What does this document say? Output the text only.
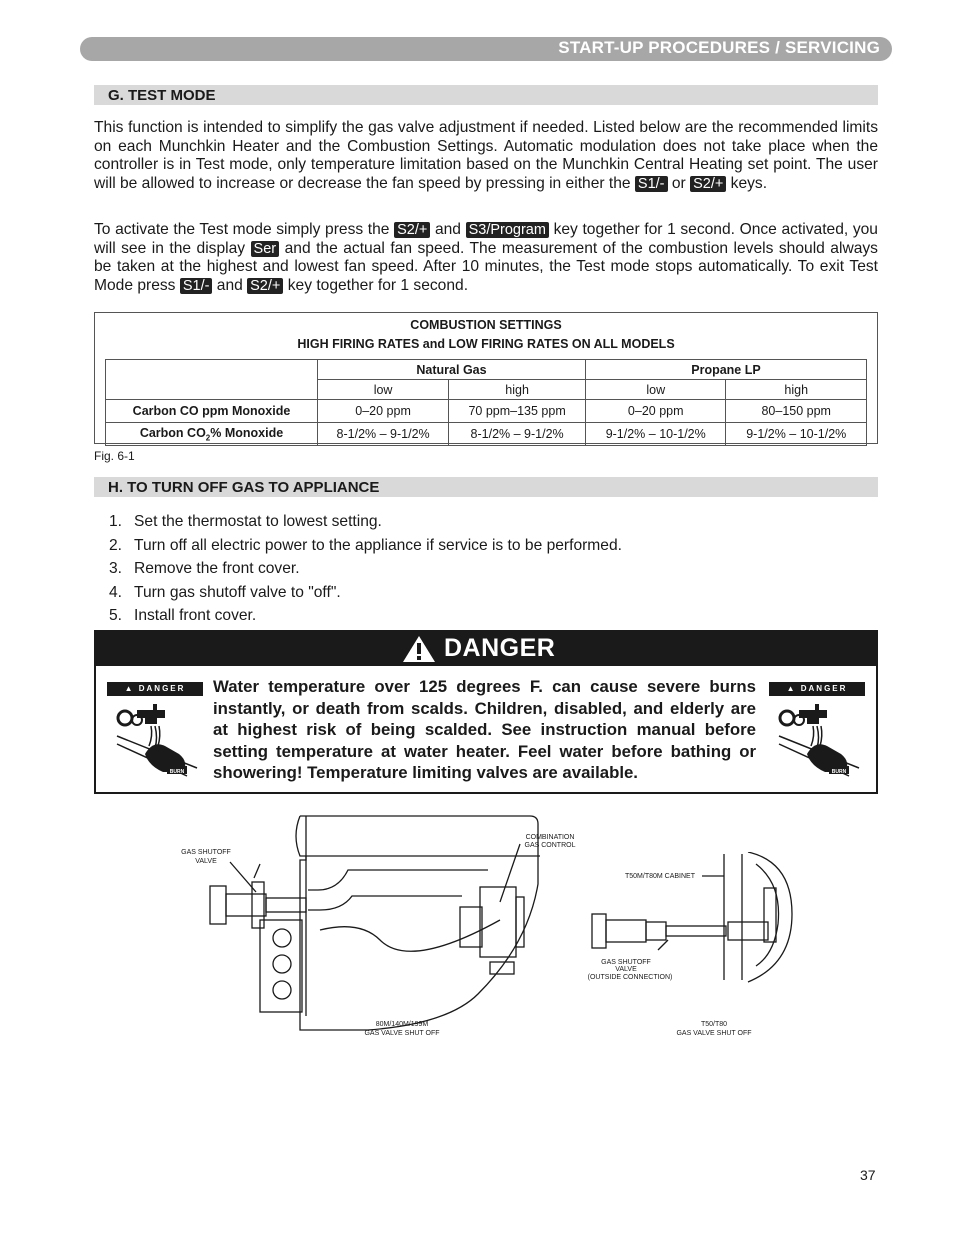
START-UP PROCEDURES / SERVICING
G. TEST MODE
This function is intended to simplify the gas valve adjustment if needed. Listed below are the recommended limits on each Munchkin Heater and the Combustion Settings. Automatic modulation does not take place when the controller is in Test mode, only temperature limitation based on the Munchkin Central Heating set point. The user will be allowed to increase or decrease the fan speed by pressing in either the S1/- or S2/+ keys.
To activate the Test mode simply press the S2/+ and S3/Program key together for 1 second. Once activated, you will see in the display Ser and the actual fan speed. The measurement of the combustion levels should always be taken at the highest and lowest fan speed. After 10 minutes, the Test mode stops automatically. To exit Test Mode press S1/- and S2/+ key together for 1 second.
COMBUSTION SETTINGS
HIGH FIRING RATES and LOW FIRING RATES ON ALL MODELS
	Natural Gas		Propane LP	
	low	high	low	high
Carbon CO ppm Monoxide	0–20 ppm	70 ppm–135 ppm	0–20 ppm	80–150 ppm
Carbon $CO_2\%$ Monoxide	8-1/2% – 9-1/2%	8-1/2% – 9-1/2%	9-1/2% – 10-1/2%	9-1/2% – 10-1/2%
Fig. 6-1
H. TO TURN OFF GAS TO APPLIANCE
1. Set the thermostat to lowest setting.
2. Turn off all electric power to the appliance if service is to be performed.
3. Remove the front cover.
4. Turn gas shutoff valve to "off".
5. Install front cover.
DANGER
▲ DANGER
BURN
Water temperature over 125 degrees F. can cause severe burns instantly, or death from scalds. Children, disabled, and elderly are at highest risk of being scalded. See instruction manual before setting temperature at water heater. Feel water before bathing or showering! Temperature limiting valves are available.
▲ DANGER
BURN
GAS SHUTOFF
VALVE
COMBINATION
GAS CONTROL
80M/140M/199M
GAS VALVE SHUT OFF
T50M/T80M CABINET
GAS SHUTOFF
VALVE
(OUTSIDE CONNECTION)
T50/T80
GAS VALVE SHUT OFF
37
